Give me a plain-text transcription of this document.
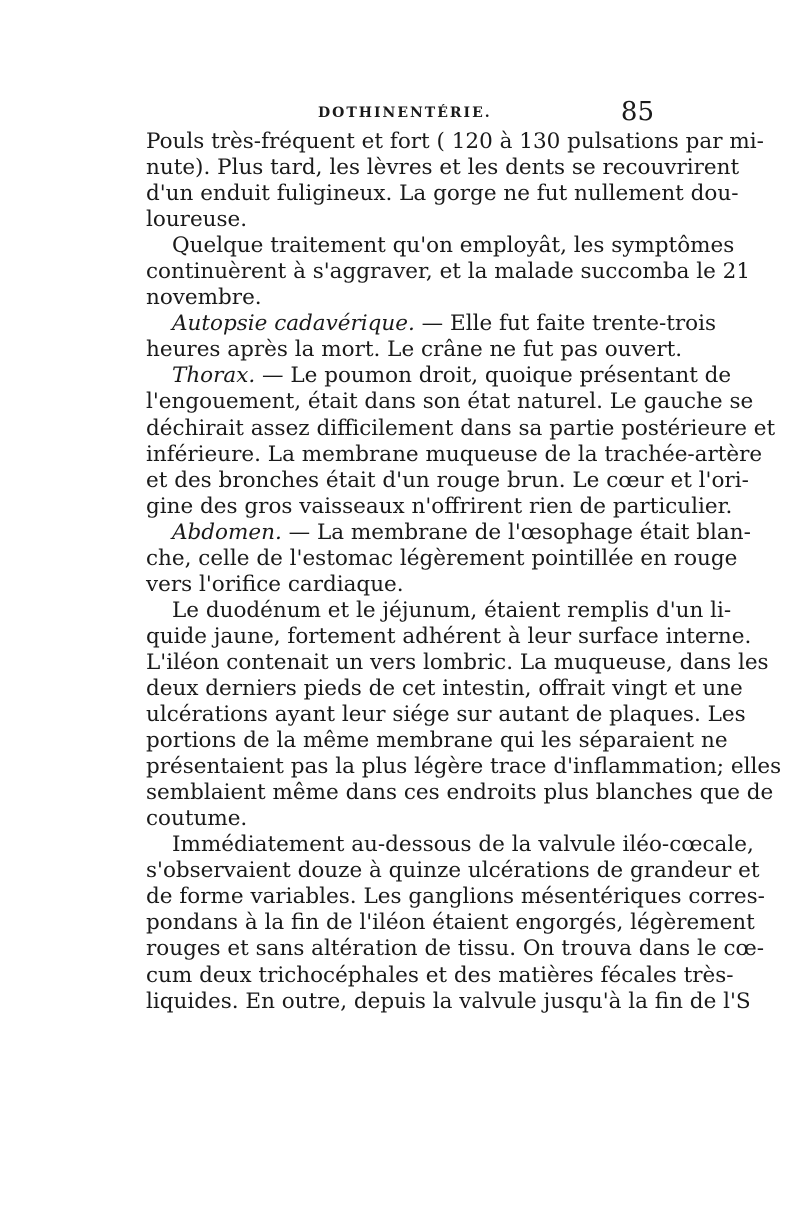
DOTHINENTÉRIE.	85
Pouls très-fréquent et fort ( 120 à 130 pulsations par mi-
nute). Plus tard, les lèvres et les dents se recouvrirent
d'un enduit fuligineux. La gorge ne fut nullement dou-
loureuse.
Quelque traitement qu'on employât, les symptômes
continuèrent à s'aggraver, et la malade succomba le 21
novembre.
Autopsie cadavérique. — Elle fut faite trente-trois
heures après la mort. Le crâne ne fut pas ouvert.
Thorax. — Le poumon droit, quoique présentant de
l'engouement, était dans son état naturel. Le gauche se
déchirait assez difficilement dans sa partie postérieure et
inférieure. La membrane muqueuse de la trachée-artère
et des bronches était d'un rouge brun. Le cœur et l'ori-
gine des gros vaisseaux n'offrirent rien de particulier.
Abdomen. — La membrane de l'œsophage était blan-
che, celle de l'estomac légèrement pointillée en rouge
vers l'orifice cardiaque.
Le duodénum et le jéjunum, étaient remplis d'un li-
quide jaune, fortement adhérent à leur surface interne.
L'iléon contenait un vers lombric. La muqueuse, dans les
deux derniers pieds de cet intestin, offrait vingt et une
ulcérations ayant leur siége sur autant de plaques. Les
portions de la même membrane qui les séparaient ne
présentaient pas la plus légère trace d'inflammation; elles
semblaient même dans ces endroits plus blanches que de
coutume.
Immédiatement au-dessous de la valvule iléo-cœcale,
s'observaient douze à quinze ulcérations de grandeur et
de forme variables. Les ganglions mésentériques corres-
pondans à la fin de l'iléon étaient engorgés, légèrement
rouges et sans altération de tissu. On trouva dans le cœ-
cum deux trichocéphales et des matières fécales très-
liquides. En outre, depuis la valvule jusqu'à la fin de l'S
